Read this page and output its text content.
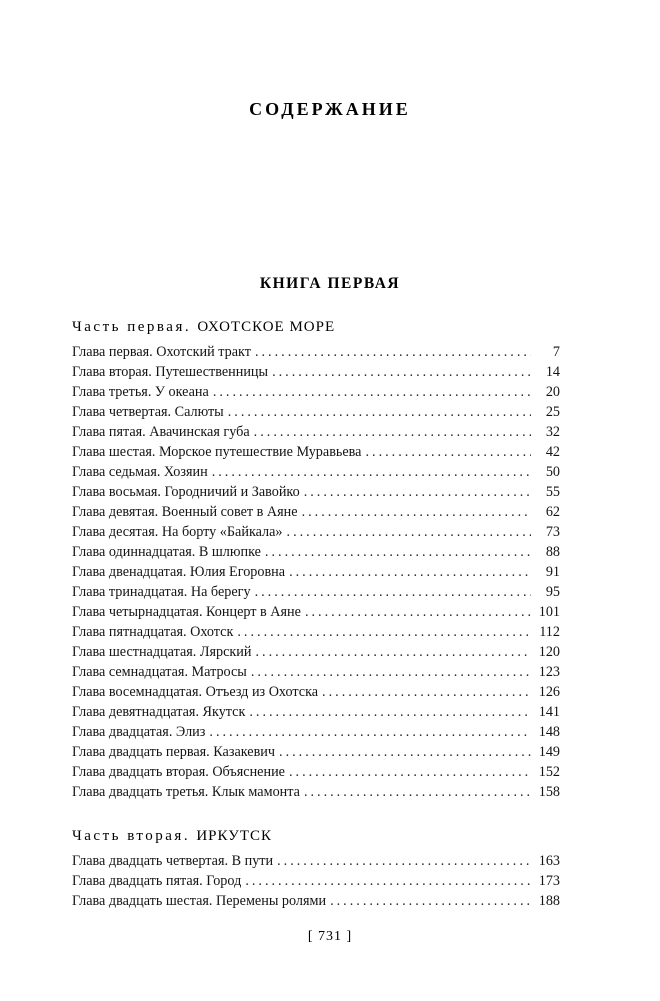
СОДЕРЖАНИЕ
КНИГА ПЕРВАЯ
Часть первая. ОХОТСКОЕ МОРЕ
Глава первая. Охотский тракт .....	7
Глава вторая. Путешественницы .....	14
Глава третья. У океана .....	20
Глава четвертая. Салюты .....	25
Глава пятая. Авачинская губа .....	32
Глава шестая. Морское путешествие Муравьева .....	42
Глава седьмая. Хозяин .....	50
Глава восьмая. Городничий и Завойко .....	55
Глава девятая. Военный совет в Аяне .....	62
Глава десятая. На борту «Байкала» .....	73
Глава одиннадцатая. В шлюпке .....	88
Глава двенадцатая. Юлия Егоровна .....	91
Глава тринадцатая. На берегу .....	95
Глава четырнадцатая. Концерт в Аяне .....	101
Глава пятнадцатая. Охотск .....	112
Глава шестнадцатая. Лярский .....	120
Глава семнадцатая. Матросы .....	123
Глава восемнадцатая. Отъезд из Охотска .....	126
Глава девятнадцатая. Якутск .....	141
Глава двадцатая. Элиз .....	148
Глава двадцать первая. Казакевич .....	149
Глава двадцать вторая. Объяснение .....	152
Глава двадцать третья. Клык мамонта .....	158
Часть вторая. ИРКУТСК
Глава двадцать четвертая. В пути .....	163
Глава двадцать пятая. Город .....	173
Глава двадцать шестая. Перемены ролями .....	188
[ 731 ]
